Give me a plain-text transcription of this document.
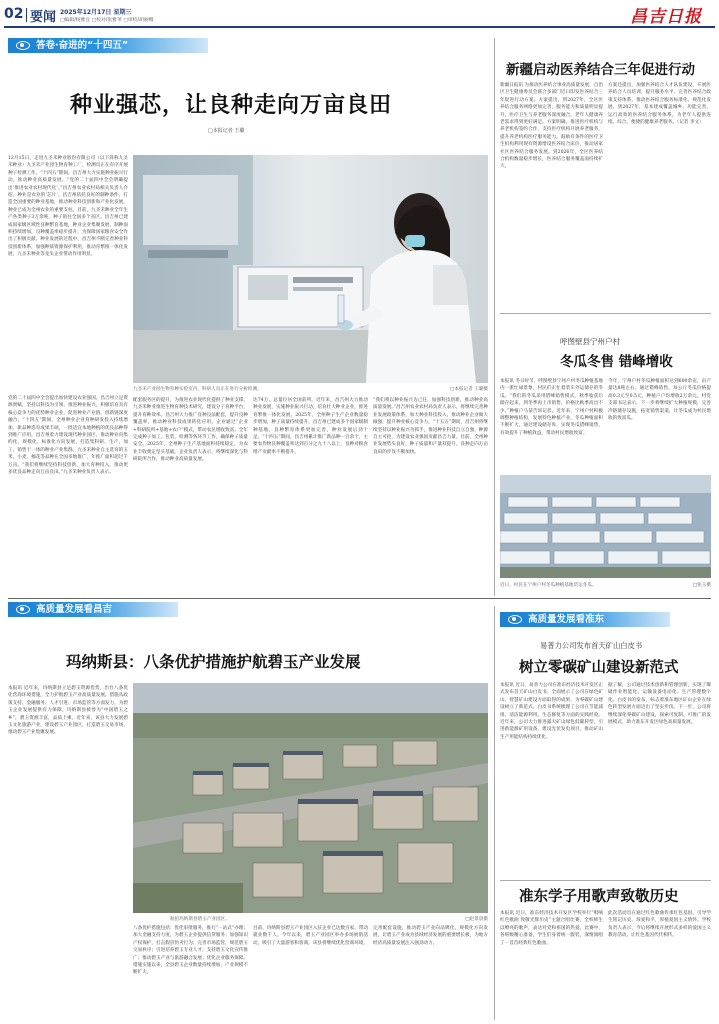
02 要闻 2025年12月17日 星期三
□编辑/杨雅宜 □校对/张雅苇 □审校/胡丽娜	昌吉日报
答卷·奋进的“十四五”
种业强芯，让良种走向万亩良田
□本报记者 王璐
12月15日，走进九圣禾种业股份有限公司（以下简称九圣禾种业）九圣禾产业园生物育种工厂，检测员正在有序开展种子检测工作。“十四五”期间，昌吉州大力实施种业振兴行动，推动种业高质量发展。“党的二十届四中全会明确提出‘推进农业农村现代化’。”昌吉州农业农村局相关负责人介绍，种业是农业的‘芯片’。昌吉州依托良好的制种条件，打造全国重要的种业基地，推动种业科技创新和产业化发展，种业已成为全州农业的重要支柱。目前，九圣禾种业全年生产各类种子3万余吨，种子销往全国多个省区。昌吉州已建成国家级区域性良种繁育基地，种业企业集聚发展，制种面积持续增加，良种覆盖率稳步提升，为保障国家粮食安全作出了积极贡献。种业发展的过程中，昌吉州不断完善种业科技创新体系，加强种质资源保护利用，推动育繁推一体化发展，九圣禾种业等龙头企业带动作用明显。
党的二十届四中全会提出加快建设农业强国。昌吉州立足资源禀赋，坚持以科技为引领，推进种业振兴，积极培育具有核心竞争力的优势种业企业，促进种业产业链、创新链深度融合。“十四五”期间，全州种业企业育种研发投入持续增加，新品种选育成果丰硕，一批适宜本地种植的优良品种得到推广应用。昌吉州着力建设现代种业园区，推动种业向集约化、规模化、标准化方向发展，打造集科研、生产、加工、销售于一体的种业产业集群。九圣禾种业自主选育的玉米、小麦、棉花等品种在全国多地推广，年推广面积超过千万亩。“我们将继续坚持科技创新，加大育种投入，推动更多优良品种走向万亩良田。”九圣禾种业负责人表示。
九圣禾产业园生物育种实验室内，科研人员正在进行分析检测。	□本报记者 王璐摄
配套服务区的提升，为推进农业现代化提供了种业支撑。九圣禾种业推进生物育种技术研究，建设分子育种平台，提升育种效率。昌吉州大力推广良种良法配套，提升良种覆盖率，推动种业科技成果转化应用。企业通过“企业+科研院所+基地+农户”模式，带动农民增收致富。全年完成种子加工、包装、检测等各环节工作，确保种子质量安全。2025年，全州种子生产基地面积持续稳定，为农业丰收奠定坚实基础。企业负责人表示，将继续深化与科研院所合作，推动种业高质量发展。
达74万，总量位居全国前列。近年来，昌吉州大力推动种业发展，实施种业振兴行动，培育壮大种业企业，推进育繁推一体化发展。2025年，全州种子生产企业数量稳步增加，种子质量持续提升。昌吉州已建成多个国家级制种基地，良种繁育体系更加完善，种业发展后劲十足。“十四五”期间，昌吉州累计推广新品种一百余个，主要农作物良种覆盖率达到百分之九十八以上，良种对粮食增产贡献率不断提升。
“我们将以种业振兴为己任，加强科技创新，推动种业高质量发展。”昌吉州农业农村局负责人表示，将继续完善种业发展政策体系，加大种业科技投入，推动种业企业做大做强，提升种业核心竞争力。“十五五”期间，昌吉州将继续坚持以种业振兴为抓手，推进种业科技自立自强，种源自主可控，为建设农业强国贡献昌吉力量。目前，全州种业发展势头良好，种子质量和产量双提升，良种走向万亩良田的步伐不断加快。
新疆启动医养结合三年促进行动
新疆日报讯 为推动医养结合事业高质量发展，自治区卫生健康委员会联合多部门近日印发医养结合三年促进行动方案。方案提出，到2027年，全区医养结合服务网络更加完善，服务能力和质量明显提升，医疗卫生与养老服务深度融合，老年人健康养老需求得到更好满足。方案明确，推进医疗机构与养老机构签约合作，支持医疗机构开展养老服务，提升养老机构医疗服务能力。鼓励有条件的医疗卫生机构利用现有资源增设医养结合床位，推动居家社区医养结合服务发展。到2026年，全区医养结合机构数量稳步增长，医养结合服务覆盖面持续扩大。
方案还提出，加强医养结合人才队伍建设，开展医养结合人员培训，提升服务水平。完善医养结合政策支持体系，推动医养结合服务标准化、规范化发展。到2027年，基本建成覆盖城乡、功能完善、运行高效的医养结合服务体系，为老年人提供连续、综合、便捷的健康养老服务。（记者 李文）
呼图壁县宁州户村
冬瓜冬售 错峰增收
本报讯 冬日时节，呼图壁县宁州户村冬瓜种植基地内一派忙碌景象，村民们正忙着装车外运储存的冬瓜。“我们的冬瓜采用错峰销售模式，秋季收获后储存起来，到冬季再上市销售，价格比秋季高出不少。”种植户马某告诉记者。近年来，宁州户村积极调整种植结构，发展特色种植产业，冬瓜种植面积不断扩大，通过建设储存库，实现冬瓜错峰销售，有效提升了种植效益，带动村民增收致富。
今年，宁州户村冬瓜种植面积达到600余亩，亩产量达8吨左右。通过错峰销售，每公斤冬瓜价格提高0.3元至0.5元，种植户户均增收2万余元。村党支部书记表示，下一步将继续扩大种植规模，完善冷链储存设施，拓宽销售渠道，让冬瓜成为村民增收的致富瓜。
近日，村民在宁州户村冬瓜种植基地装运冬瓜。	□张玉摄
高质量发展看昌吉
高质量发展看准东
玛纳斯县：八条优护措施护航碧玉产业发展
本报讯 近年来，玛纳斯县立足碧玉资源优势，出台八条优化营商环境措施，全力护航碧玉产业高质量发展。措施从政策支持、金融服务、人才引进、市场监管等方面发力，为碧玉企业发展提供有力保障。玛纳斯县被誉为“中国碧玉之乡”，碧玉资源丰富，品质上乘。近年来，该县大力发展碧玉文化旅游产业，建设碧玉产业园区，打造碧玉交易市场，推动碧玉产业集聚发展。
航拍玛纳斯县碧玉产业园区。	□赵景晨摄
八条优护措施包括：优化审批服务，推行“一站式”办理；加大金融支持力度，为碧玉企业提供信贷服务；加强知识产权保护，打击假冒伪劣行为；完善市场监管，规范碧玉交易秩序；引进培养碧玉专业人才；支持碧玉文化宣传推广；推动碧玉产业与旅游融合发展；优化企业服务保障。措施实施以来，全县碧玉企业数量持续增加，产业规模不断扩大。
目前，玛纳斯县碧玉产业园区入驻企业已达数百家，带动就业数千人。今年以来，碧玉产业园区举办多场展销活动，吸引了大量游客和客商。该县将继续优化营商环境，完善配套设施，推动碧玉产业向品牌化、规模化方向发展，让碧玉产业成为县域经济发展的重要增长极，为地方经济高质量发展注入强劲动力。
易普力公司发布首天矿山白皮书
树立零碳矿山建设新范式
本报讯 近日，易普力公司在准东经济技术开发区正式发布首天矿山白皮书，全面展示了公司在绿色矿山、智慧矿山建设方面取得的成果，为零碳矿山建设树立了新范式。白皮书系统梳理了公司在节能减排、清洁能源利用、生态修复等方面的实践经验。近年来，公司大力推进露天矿山绿色低碳转型，引进新能源矿用设备，建设光伏发电项目，推动矿山生产用能结构持续优化。
据了解，公司通过技术创新和管理创新，实现了爆破作业智能化、运输设备电动化、生产管理数字化。白皮书的发布，标志着准东地区矿山企业在绿色转型发展方面迈出了坚实步伐。下一步，公司将继续深化零碳矿山建设，探索可复制、可推广的发展模式，助力准东开发区绿色高质量发展。
准东学子用歌声致敬历史
本报讯 近日，准东经济技术开发区学校举行“唱响红色歌曲 致敬光辉历史”主题合唱比赛，全校师生以嘹亮的歌声，表达对党和祖国的热爱。比赛中，各班级精心准备，学生们身着统一服装，深情演唱了一首首经典红色歌曲。
此次活动旨在通过红色歌曲传承红色基因，引导学生铭记历史、珍爱和平，厚植爱国主义情怀。学校负责人表示，今后将继续开展形式多样的爱国主义教育活动，让红色基因代代相传。
